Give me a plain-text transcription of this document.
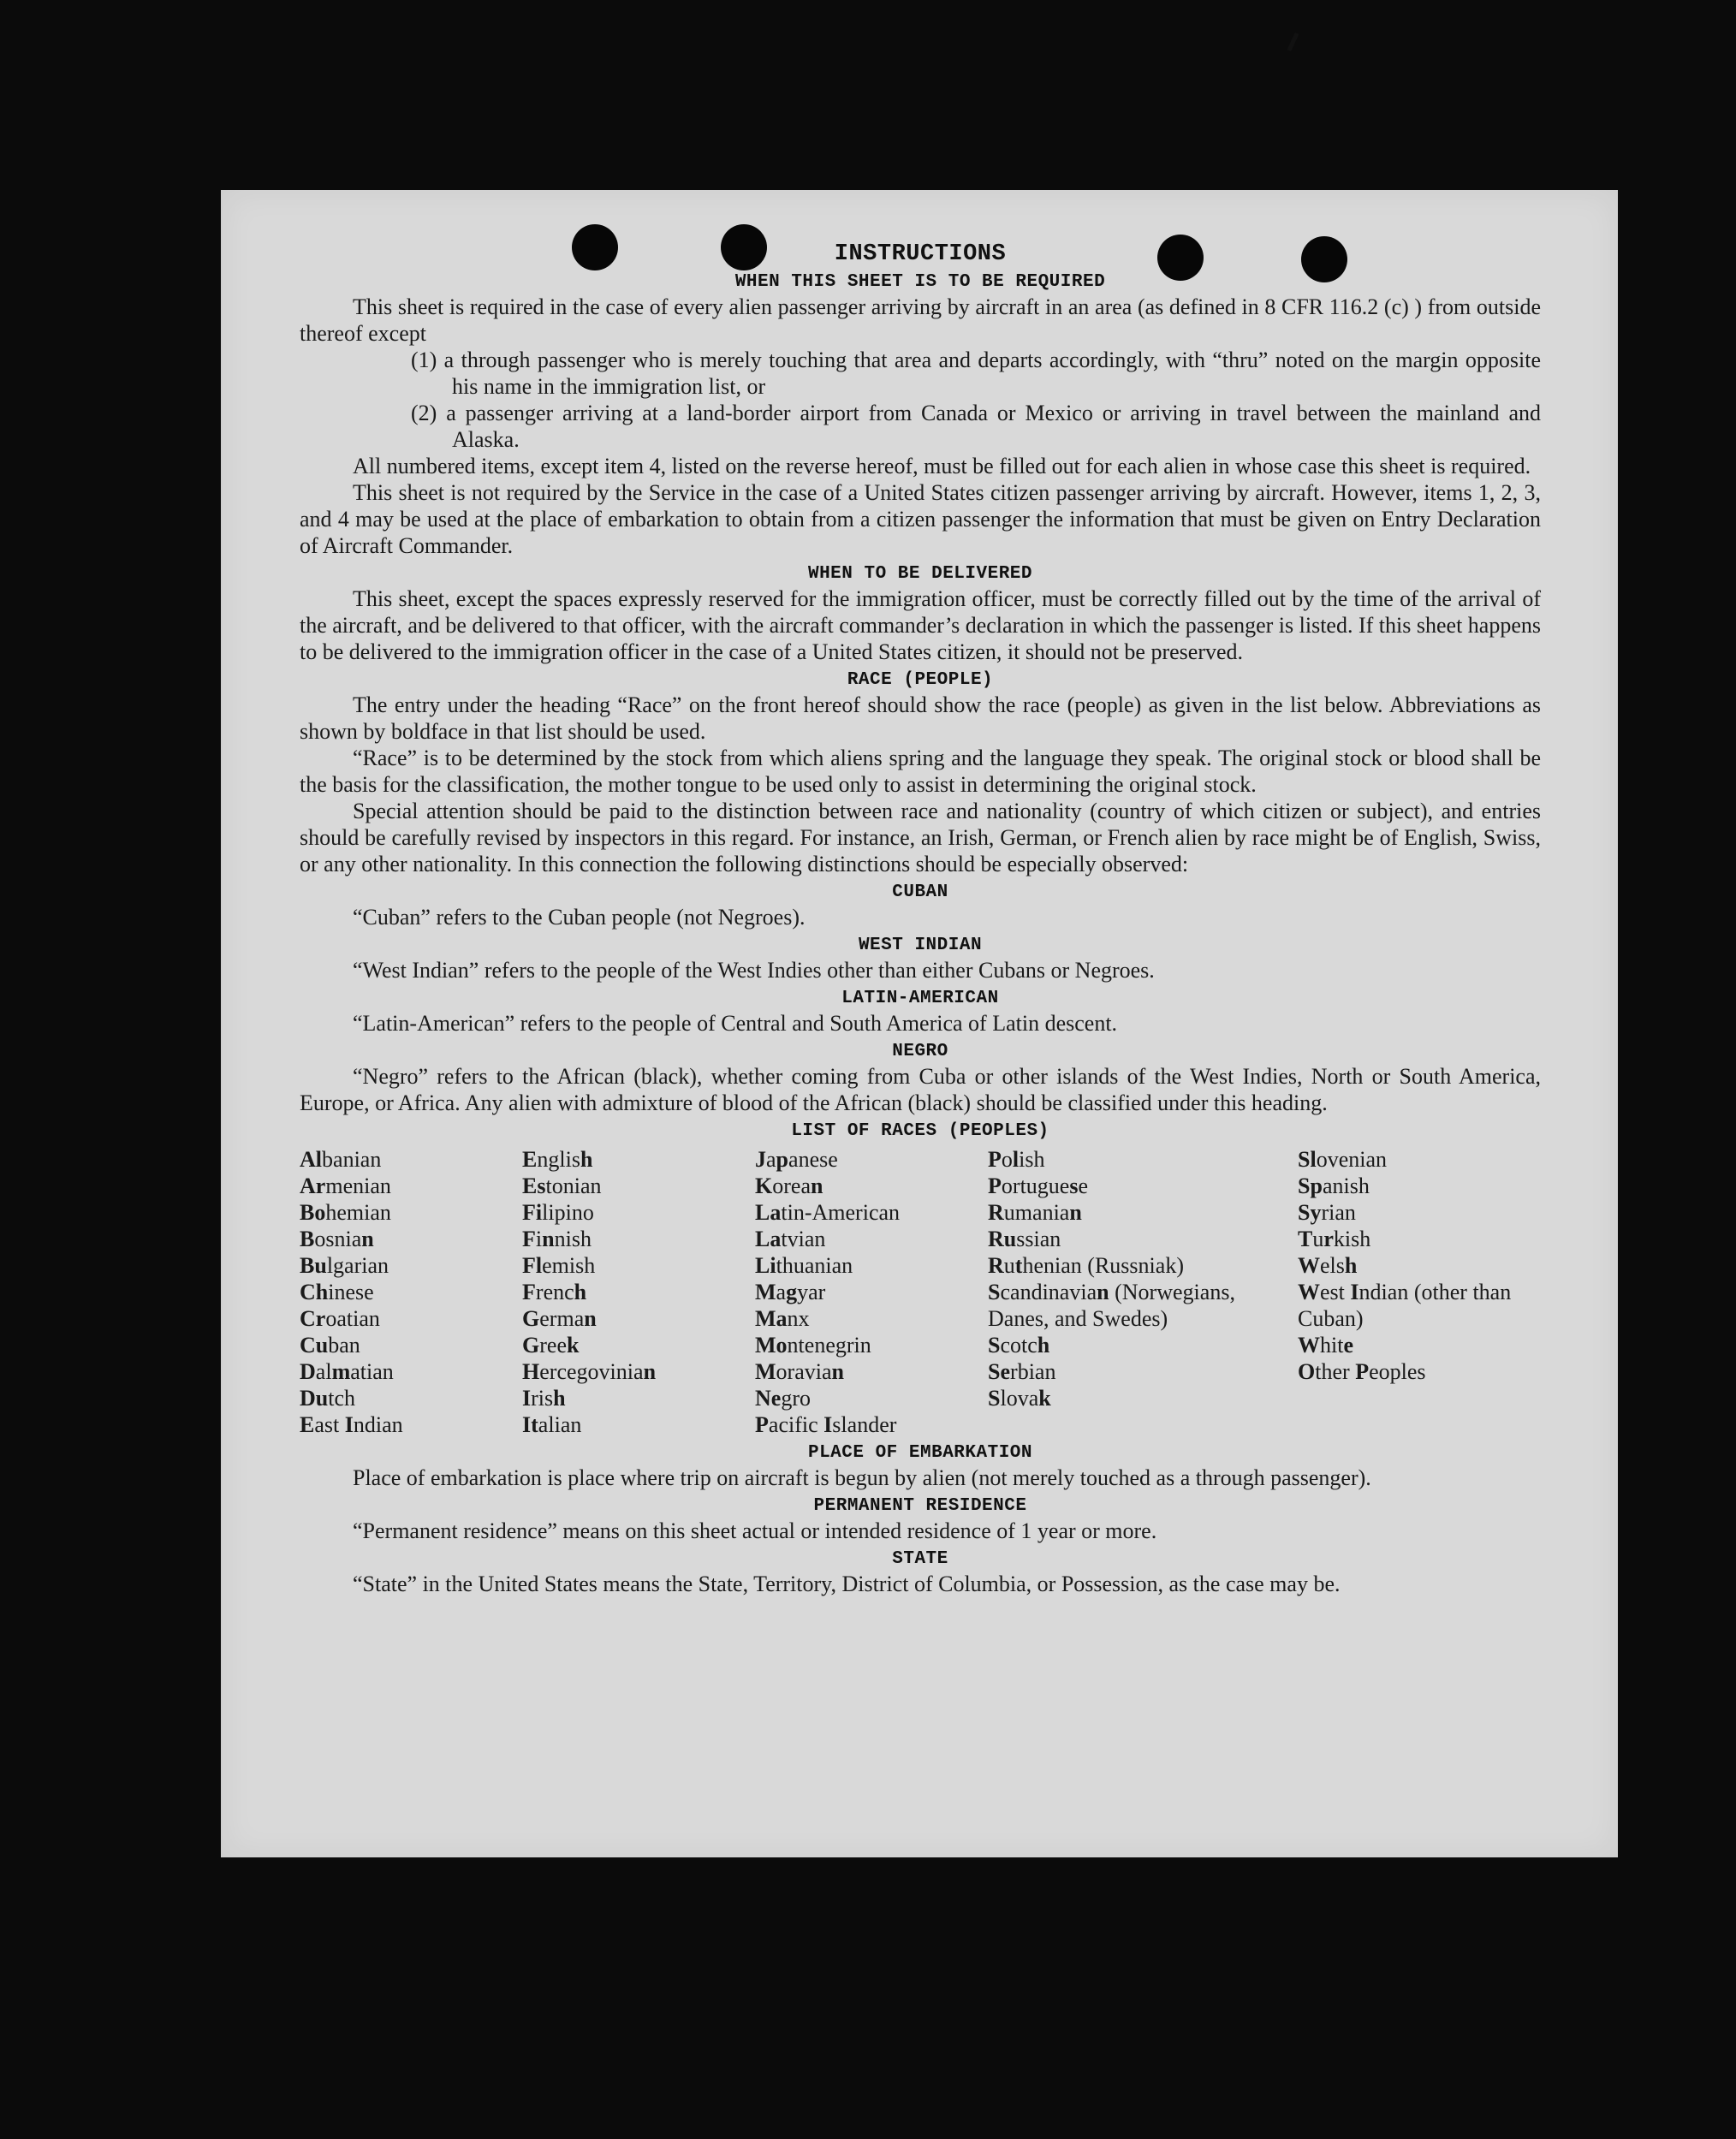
INSTRUCTIONS
WHEN THIS SHEET IS TO BE REQUIRED

This sheet is required in the case of every alien passenger arriving by aircraft in an area (as defined in 8 CFR 116.2 (c) ) from outside thereof except

(1) a through passenger who is merely touching that area and departs accordingly, with “thru” noted on the margin opposite his name in the immigration list, or

(2) a passenger arriving at a land-border airport from Canada or Mexico or arriving in travel between the mainland and Alaska.

All numbered items, except item 4, listed on the reverse hereof, must be filled out for each alien in whose case this sheet is required.

This sheet is not required by the Service in the case of a United States citizen passenger arriving by aircraft. However, items 1, 2, 3, and 4 may be used at the place of embarkation to obtain from a citizen passenger the information that must be given on Entry Declaration of Aircraft Commander.

WHEN TO BE DELIVERED

This sheet, except the spaces expressly reserved for the immigration officer, must be correctly filled out by the time of the arrival of the aircraft, and be delivered to that officer, with the aircraft commander’s declaration in which the passenger is listed. If this sheet happens to be delivered to the immigration officer in the case of a United States citizen, it should not be preserved.

RACE (PEOPLE)

The entry under the heading “Race” on the front hereof should show the race (people) as given in the list below. Abbreviations as shown by boldface in that list should be used.

“Race” is to be determined by the stock from which aliens spring and the language they speak. The original stock or blood shall be the basis for the classification, the mother tongue to be used only to assist in determining the original stock.

Special attention should be paid to the distinction between race and nationality (country of which citizen or subject), and entries should be carefully revised by inspectors in this regard. For instance, an Irish, German, or French alien by race might be of English, Swiss, or any other nationality. In this connection the following distinctions should be especially observed:

CUBAN

“Cuban” refers to the Cuban people (not Negroes).

WEST INDIAN

“West Indian” refers to the people of the West Indies other than either Cubans or Negroes.

LATIN-AMERICAN

“Latin-American” refers to the people of Central and South America of Latin descent.

NEGRO

“Negro” refers to the African (black), whether coming from Cuba or other islands of the West Indies, North or South America, Europe, or Africa. Any alien with admixture of blood of the African (black) should be classified under this heading.

LIST OF RACES (PEOPLES)
Albanian
Armenian
Bohemian
Bosnian
Bulgarian
Chinese
Croatian
Cuban
Dalmatian
Dutch
East Indian
English
Estonian
Filipino
Finnish
Flemish
French
German
Greek
Hercegovinian
Irish
Italian
Japanese
Korean
Latin-American
Latvian
Lithuanian
Magyar
Manx
Montenegrin
Moravian
Negro
Pacific Islander
Polish
Portuguese
Rumanian
Russian
Ruthenian (Russniak)
Scandinavian (Norwegians, Danes, and Swedes)
Scotch
Serbian
Slovak
Slovenian
Spanish
Syrian
Turkish
Welsh
West Indian (other than Cuban)
White
Other Peoples
PLACE OF EMBARKATION

Place of embarkation is place where trip on aircraft is begun by alien (not merely touched as a through passenger).

PERMANENT RESIDENCE

“Permanent residence” means on this sheet actual or intended residence of 1 year or more.

STATE

“State” in the United States means the State, Territory, District of Columbia, or Possession, as the case may be.
